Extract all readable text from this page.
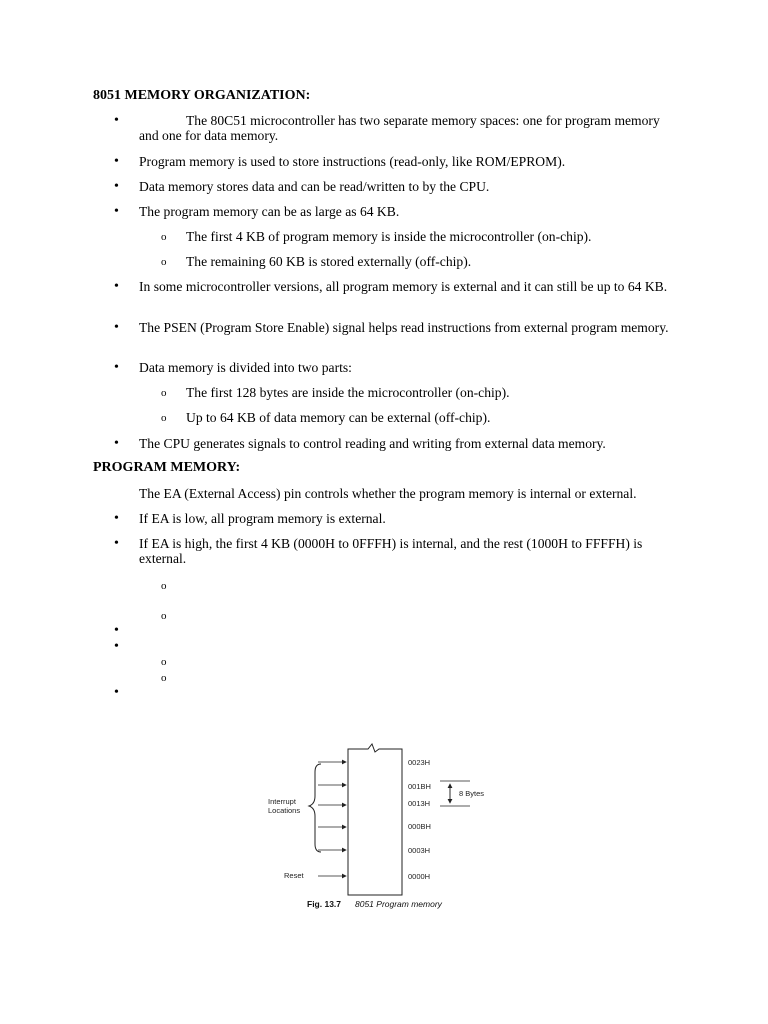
8051 MEMORY ORGANIZATION:
•	The 80C51 microcontroller has two separate memory spaces: one for program memory and one for data memory.
• Program memory is used to store instructions (read-only, like ROM/EPROM).
• Data memory stores data and can be read/written to by the CPU.
• The program memory can be as large as 64 KB.
o The first 4 KB of program memory is inside the microcontroller (on-chip).
o The remaining 60 KB is stored externally (off-chip).
• In some microcontroller versions, all program memory is external and it can still be up to 64 KB.
• The PSEN (Program Store Enable) signal helps read instructions from external program memory.
• Data memory is divided into two parts:
o The first 128 bytes are inside the microcontroller (on-chip).
o Up to 64 KB of data memory can be external (off-chip).
• The CPU generates signals to control reading and writing from external data memory.
PROGRAM MEMORY:
The EA (External Access) pin controls whether the program memory is internal or external.
• If EA is low, all program memory is external.
• If EA is high, the first 4 KB (0000H to 0FFFH) is internal, and the rest (1000H to FFFFH) is external.
o
o
•
•
o
o
•
0023H
001BH
0013H
000BH
0003H
0000H
8 Bytes
Interrupt
Locations
Reset
Fig. 13.7 8051 Program memory
